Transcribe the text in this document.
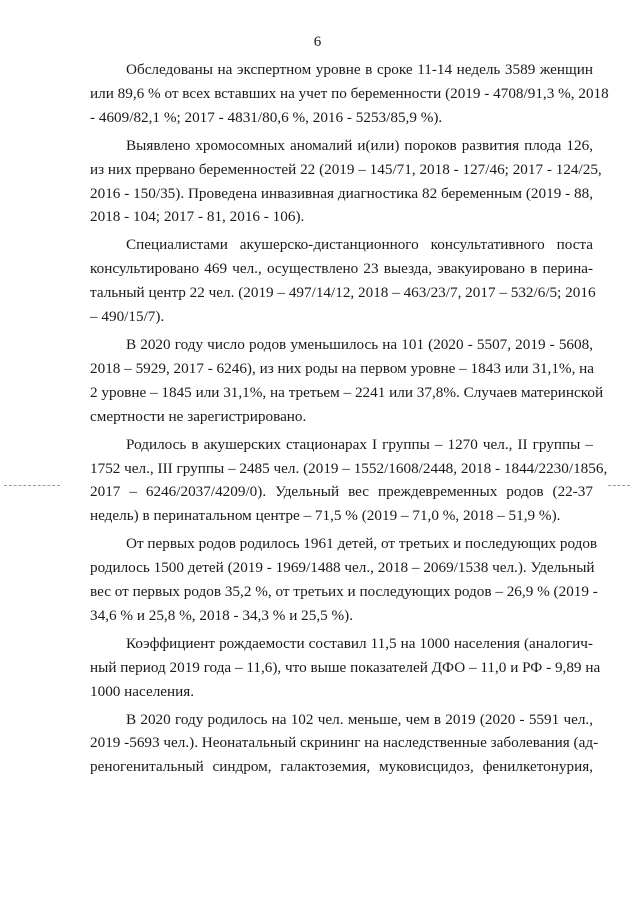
6
Обследованы на экспертном уровне в сроке 11-14 недель 3589 женщин
или 89,6 % от всех вставших на учет по беременности (2019 - 4708/91,3 %, 2018
- 4609/82,1 %; 2017 - 4831/80,6 %, 2016 - 5253/85,9 %).
Выявлено хромосомных аномалий и(или) пороков развития плода 126,
из них прервано беременностей 22 (2019 – 145/71, 2018 - 127/46; 2017 - 124/25,
2016 - 150/35). Проведена инвазивная диагностика 82 беременным (2019 - 88,
2018 - 104; 2017 - 81, 2016 - 106).
Специалистами акушерско-дистанционного консультативного поста
консультировано 469 чел., осуществлено 23 выезда, эвакуировано в перина-
тальный центр 22 чел. (2019 – 497/14/12, 2018 – 463/23/7, 2017 – 532/6/5; 2016
– 490/15/7).
В 2020 году число родов уменьшилось на 101 (2020 - 5507, 2019 - 5608,
2018 – 5929, 2017 - 6246), из них роды на первом уровне – 1843 или 31,1%, на
2 уровне – 1845 или 31,1%, на третьем – 2241 или 37,8%. Случаев материнской
смертности не зарегистрировано.
Родилось в акушерских стационарах I группы – 1270 чел., II группы –
1752 чел., III группы – 2485 чел. (2019 – 1552/1608/2448, 2018 - 1844/2230/1856,
2017 – 6246/2037/4209/0). Удельный вес преждевременных родов (22-37
недель) в перинатальном центре – 71,5 % (2019 – 71,0 %, 2018 – 51,9 %).
От первых родов родилось 1961 детей, от третьих и последующих родов
родилось 1500 детей (2019 - 1969/1488 чел., 2018 – 2069/1538 чел.). Удельный
вес от первых родов 35,2 %, от третьих и последующих родов – 26,9 % (2019 -
34,6 % и 25,8 %, 2018 - 34,3 % и 25,5 %).
Коэффициент рождаемости составил 11,5 на 1000 населения (аналогич-
ный период 2019 года – 11,6), что выше показателей ДФО – 11,0 и РФ - 9,89 на
1000 населения.
В 2020 году родилось на 102 чел. меньше, чем в 2019 (2020 - 5591 чел.,
2019 -5693 чел.). Неонатальный скрининг на наследственные заболевания (ад-
реногенитальный синдром, галактоземия, муковисцидоз, фенилкетонурия,
